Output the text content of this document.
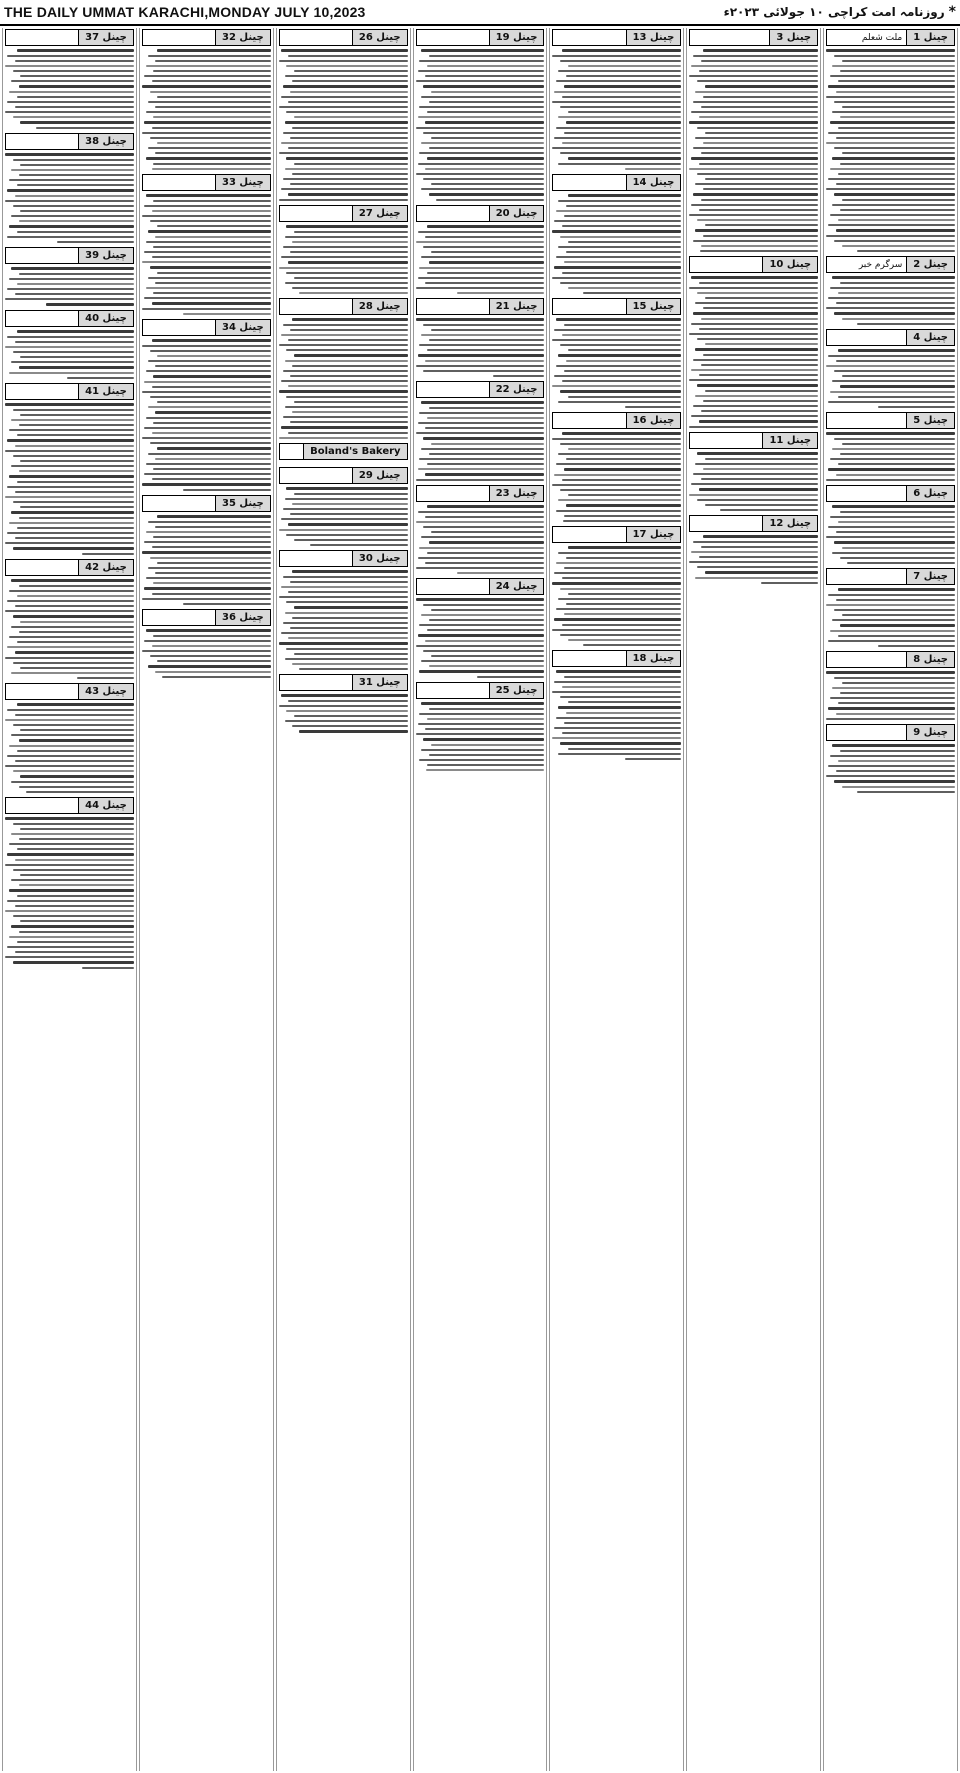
THE DAILY UMMAT KARACHI,MONDAY JULY 10,2023	*
روزنامہ امت کراچی ۱۰ جولائی ۲۰۲۳ء
چینل 1
ملت شعلم
چینل 2
سرگرم خبر
چینل 4
چینل 5
چینل 6
چینل 7
چینل 8
چینل 9
چینل 3
چینل 10
چینل 11
چینل 12
چینل 13
چینل 14
چینل 15
چینل 16
چینل 17
چینل 18
چینل 19
چینل 20
چینل 21
چینل 22
چینل 23
چینل 24
چینل 25
چینل 26
چینل 27
چینل 28
Boland's Bakery
چینل 29
چینل 30
چینل 31
چینل 32
چینل 33
چینل 34
چینل 35
چینل 36
چینل 37
چینل 38
چینل 39
چینل 40
چینل 41
چینل 42
چینل 43
چینل 44
